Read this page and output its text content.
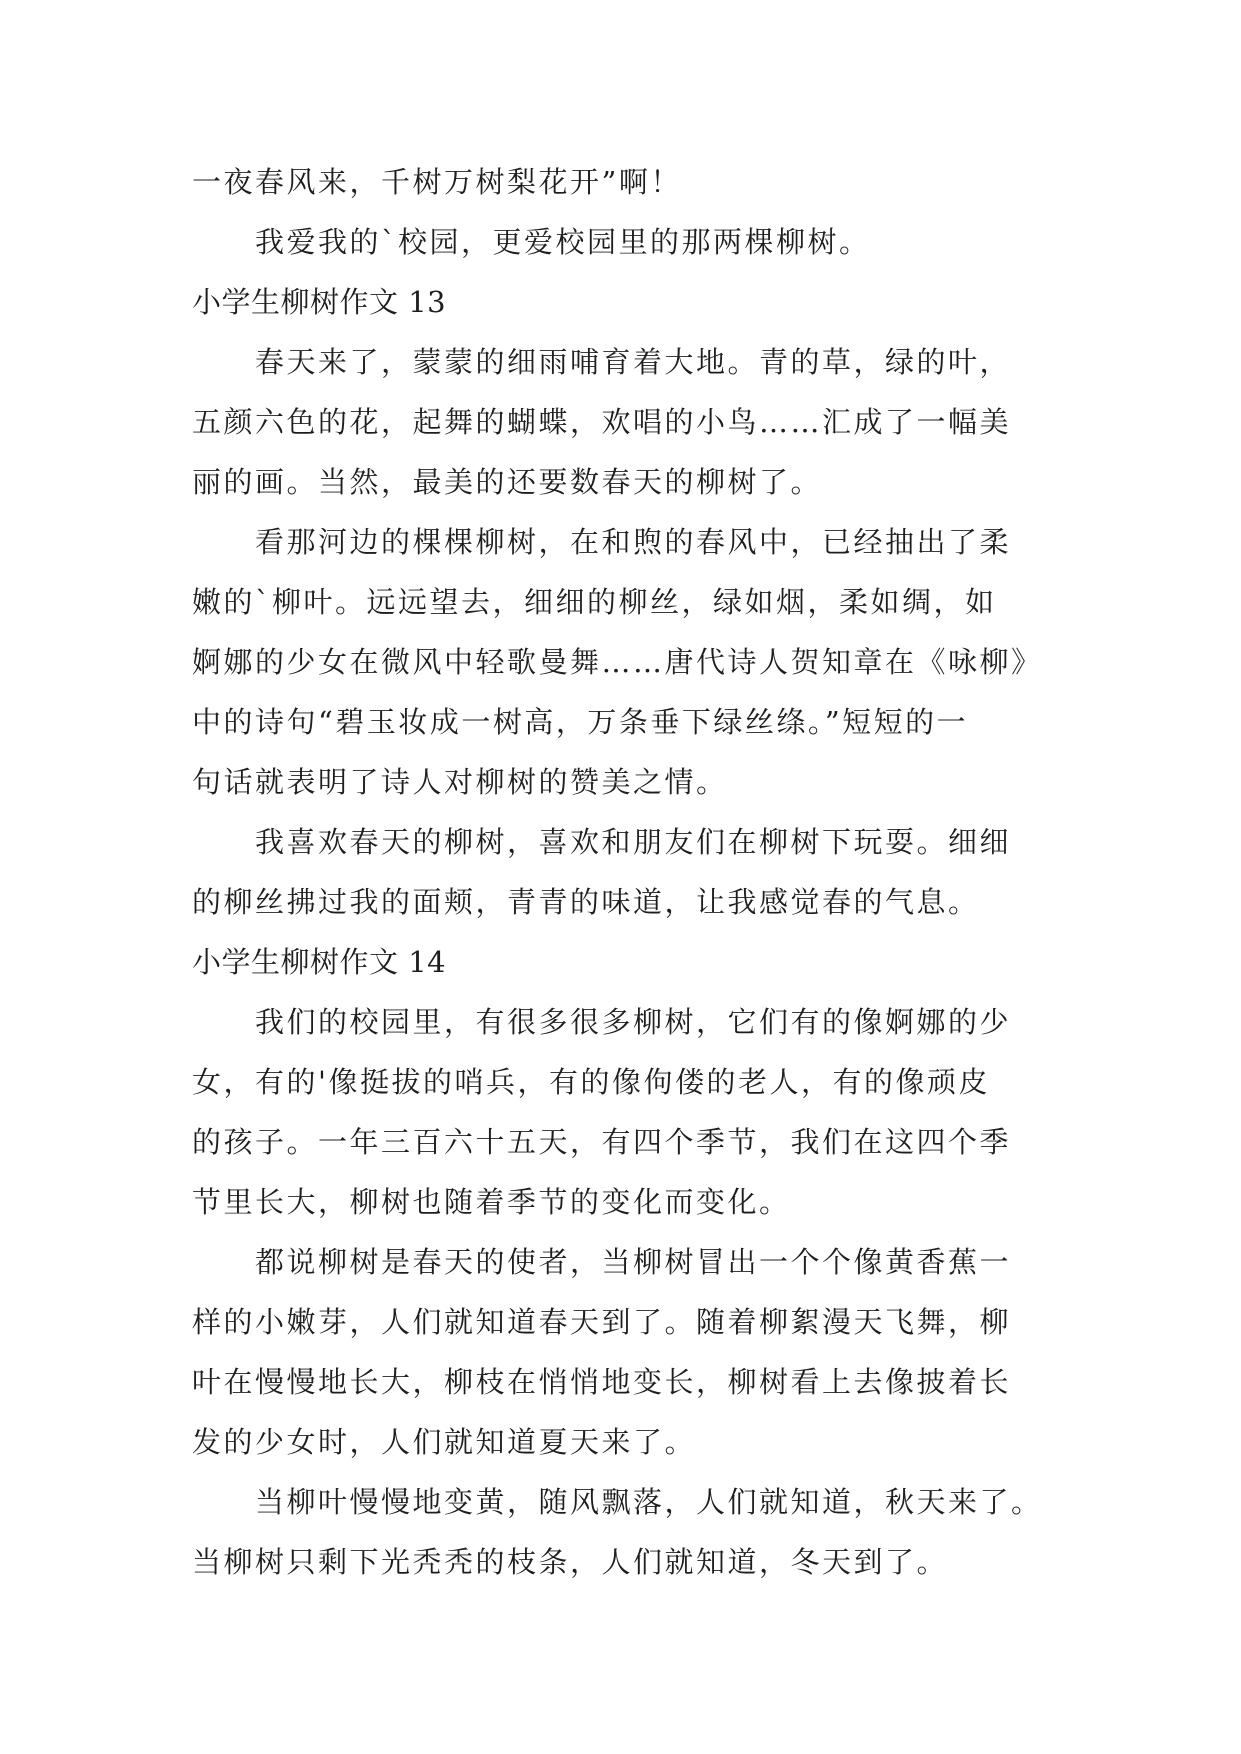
一夜春风来，千树万树梨花开”啊！
　　我爱我的`校园，更爱校园里的那两棵柳树。
小学生柳树作文 13
　　春天来了，蒙蒙的细雨哺育着大地。青的草，绿的叶，
五颜六色的花，起舞的蝴蝶，欢唱的小鸟……汇成了一幅美
丽的画。当然，最美的还要数春天的柳树了。
　　看那河边的棵棵柳树，在和煦的春风中，已经抽出了柔
嫩的`柳叶。远远望去，细细的柳丝，绿如烟，柔如绸，如
婀娜的少女在微风中轻歌曼舞……唐代诗人贺知章在《咏柳》
中的诗句“碧玉妆成一树高，万条垂下绿丝绦。”短短的一
句话就表明了诗人对柳树的赞美之情。
　　我喜欢春天的柳树，喜欢和朋友们在柳树下玩耍。细细
的柳丝拂过我的面颊，青青的味道，让我感觉春的气息。
小学生柳树作文 14
　　我们的校园里，有很多很多柳树，它们有的像婀娜的少
女，有的'像挺拔的哨兵，有的像佝偻的老人，有的像顽皮
的孩子。一年三百六十五天，有四个季节，我们在这四个季
节里长大，柳树也随着季节的变化而变化。
　　都说柳树是春天的使者，当柳树冒出一个个像黄香蕉一
样的小嫩芽，人们就知道春天到了。随着柳絮漫天飞舞，柳
叶在慢慢地长大，柳枝在悄悄地变长，柳树看上去像披着长
发的少女时，人们就知道夏天来了。
　　当柳叶慢慢地变黄，随风飘落，人们就知道，秋天来了。
当柳树只剩下光秃秃的枝条，人们就知道，冬天到了。
